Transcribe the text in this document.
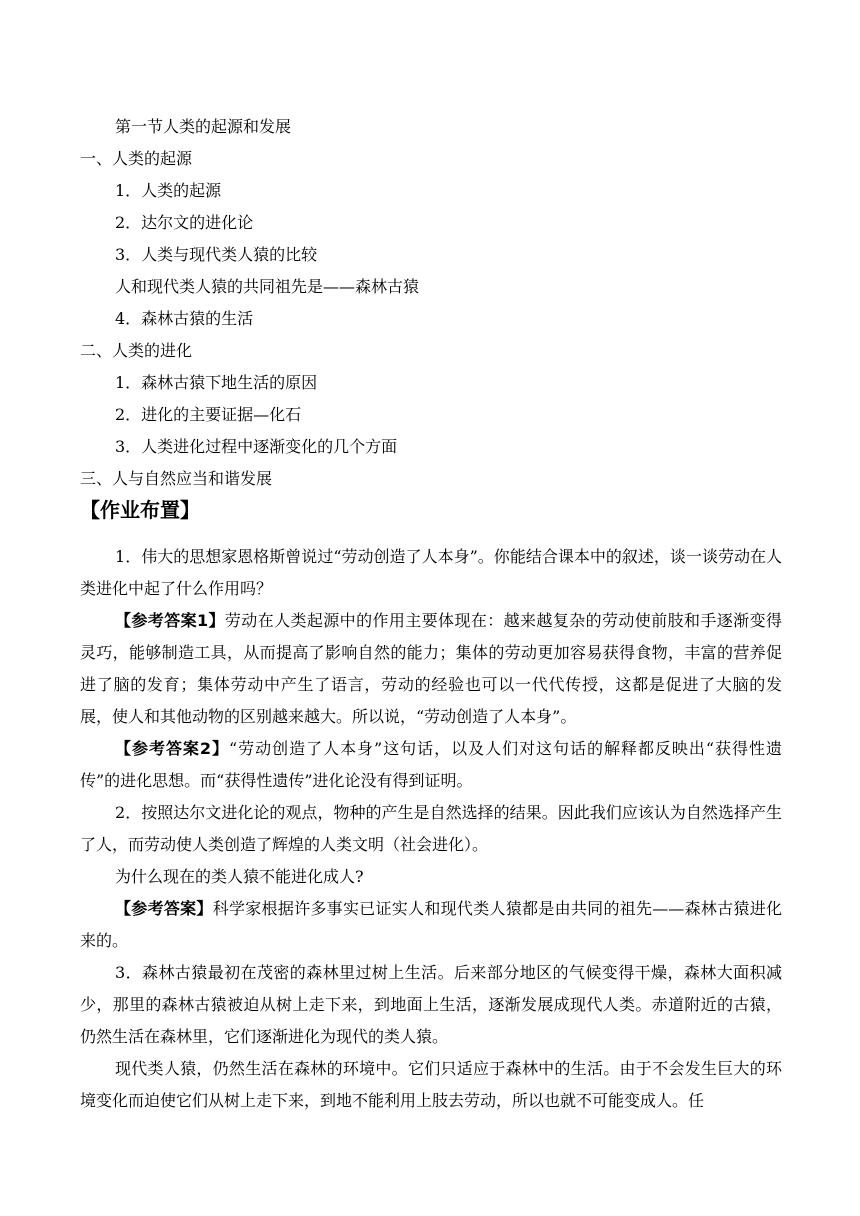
第一节人类的起源和发展
一、人类的起源
1．人类的起源
2．达尔文的进化论
3．人类与现代类人猿的比较
人和现代类人猿的共同祖先是——森林古猿
4．森林古猿的生活
二、人类的进化
1．森林古猿下地生活的原因
2．进化的主要证据—化石
3．人类进化过程中逐渐变化的几个方面
三、人与自然应当和谐发展
【作业布置】
1．伟大的思想家恩格斯曾说过“劳动创造了人本身”。你能结合课本中的叙述，谈一谈劳动在人类进化中起了什么作用吗？
【参考答案1】劳动在人类起源中的作用主要体现在：越来越复杂的劳动使前肢和手逐渐变得灵巧，能够制造工具，从而提高了影响自然的能力；集体的劳动更加容易获得食物，丰富的营养促进了脑的发育；集体劳动中产生了语言，劳动的经验也可以一代代传授，这都是促进了大脑的发展，使人和其他动物的区别越来越大。所以说，“劳动创造了人本身”。
【参考答案2】“劳动创造了人本身”这句话，以及人们对这句话的解释都反映出“获得性遗传”的进化思想。而“获得性遗传”进化论没有得到证明。
2．按照达尔文进化论的观点，物种的产生是自然选择的结果。因此我们应该认为自然选择产生了人，而劳动使人类创造了辉煌的人类文明（社会进化）。
为什么现在的类人猿不能进化成人?
【参考答案】科学家根据许多事实已证实人和现代类人猿都是由共同的祖先——森林古猿进化来的。
3．森林古猿最初在茂密的森林里过树上生活。后来部分地区的气候变得干燥，森林大面积减少，那里的森林古猿被迫从树上走下来，到地面上生活，逐渐发展成现代人类。赤道附近的古猿，仍然生活在森林里，它们逐渐进化为现代的类人猿。
现代类人猿，仍然生活在森林的环境中。它们只适应于森林中的生活。由于不会发生巨大的环境变化而迫使它们从树上走下来，到地不能利用上肢去劳动，所以也就不可能变成人。任
